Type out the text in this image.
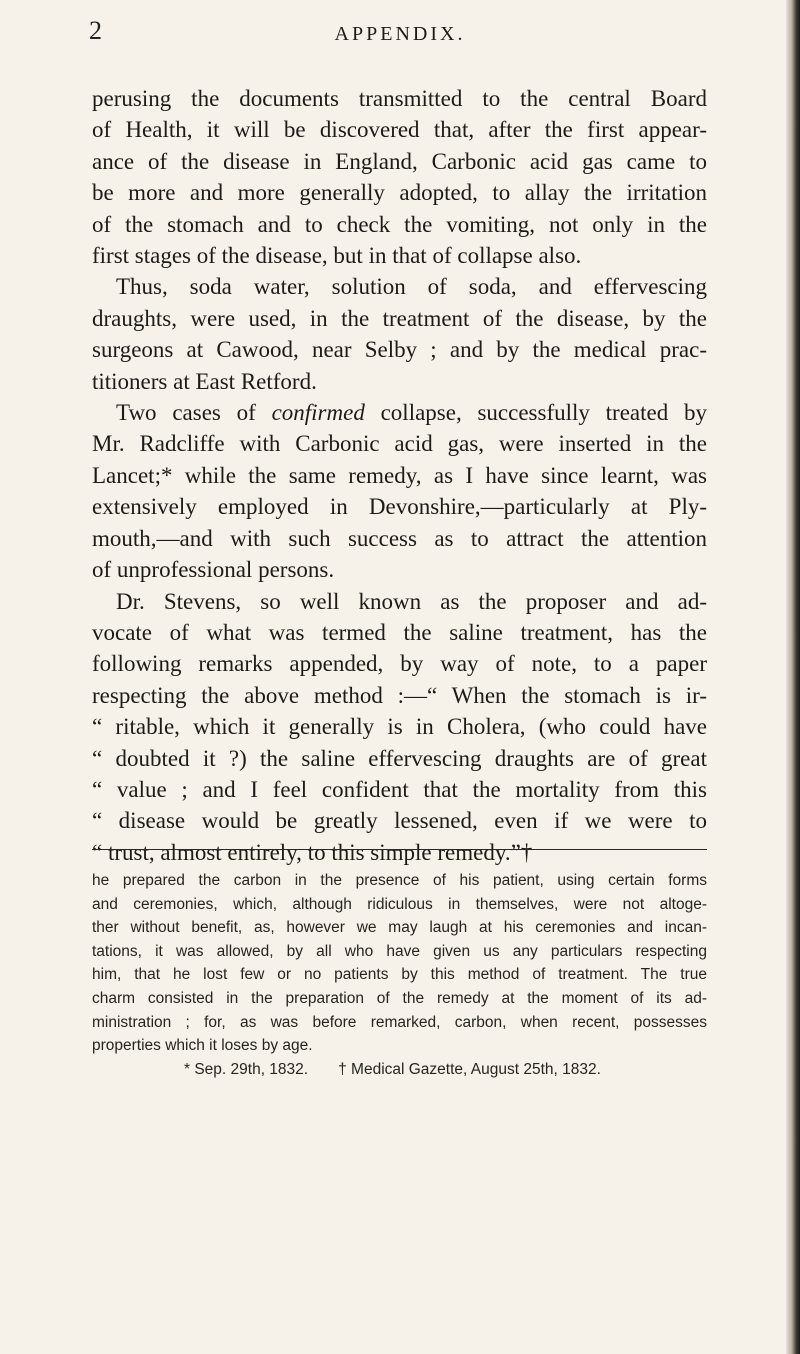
2	APPENDIX.
perusing the documents transmitted to the central Board
of Health, it will be discovered that, after the first appear-
ance of the disease in England, Carbonic acid gas came to
be more and more generally adopted, to allay the irritation
of the stomach and to check the vomiting, not only in the
first stages of the disease, but in that of collapse also.
Thus, soda water, solution of soda, and effervescing
draughts, were used, in the treatment of the disease, by the
surgeons at Cawood, near Selby ; and by the medical prac-
titioners at East Retford.
Two cases of confirmed collapse, successfully treated by
Mr. Radcliffe with Carbonic acid gas, were inserted in the
Lancet;* while the same remedy, as I have since learnt, was
extensively employed in Devonshire,—particularly at Ply-
mouth,—and with such success as to attract the attention
of unprofessional persons.
Dr. Stevens, so well known as the proposer and ad-
vocate of what was termed the saline treatment, has the
following remarks appended, by way of note, to a paper
respecting the above method :—“ When the stomach is ir-
“ ritable, which it generally is in Cholera, (who could have
“ doubted it ?) the saline effervescing draughts are of great
“ value ; and I feel confident that the mortality from this
“ disease would be greatly lessened, even if we were to
“ trust, almost entirely, to this simple remedy.”†
he prepared the carbon in the presence of his patient, using certain forms
and ceremonies, which, although ridiculous in themselves, were not altoge-
ther without benefit, as, however we may laugh at his ceremonies and incan-
tations, it was allowed, by all who have given us any particulars respecting
him, that he lost few or no patients by this method of treatment. The true
charm consisted in the preparation of the remedy at the moment of its ad-
ministration ; for, as was before remarked, carbon, when recent, possesses
properties which it loses by age.
* Sep. 29th, 1832. † Medical Gazette, August 25th, 1832.
